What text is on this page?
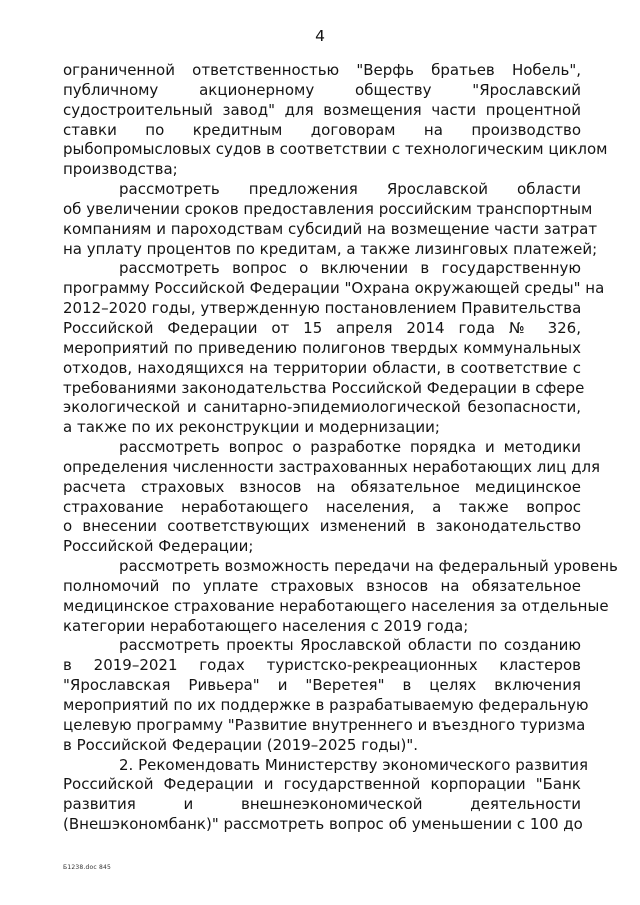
4
ограниченной ответственностью "Верфь братьев Нобель",
публичному акционерному обществу "Ярославский
судостроительный завод" для возмещения части процентной
ставки по кредитным договорам на производство
рыбопромысловых судов в соответствии с технологическим циклом
производства;
рассмотреть предложения Ярославской области
об увеличении сроков предоставления российским транспортным
компаниям и пароходствам субсидий на возмещение части затрат
на уплату процентов по кредитам, а также лизинговых платежей;
рассмотреть вопрос о включении в государственную
программу Российской Федерации "Охрана окружающей среды" на
2012–2020 годы, утвержденную постановлением Правительства
Российской Федерации от 15 апреля 2014 года № 326,
мероприятий по приведению полигонов твердых коммунальных
отходов, находящихся на территории области, в соответствие с
требованиями законодательства Российской Федерации в сфере
экологической и санитарно-эпидемиологической безопасности,
а также по их реконструкции и модернизации;
рассмотреть вопрос о разработке порядка и методики
определения численности застрахованных неработающих лиц для
расчета страховых взносов на обязательное медицинское
страхование неработающего населения, а также вопрос
о внесении соответствующих изменений в законодательство
Российской Федерации;
рассмотреть возможность передачи на федеральный уровень
полномочий по уплате страховых взносов на обязательное
медицинское страхование неработающего населения за отдельные
категории неработающего населения с 2019 года;
рассмотреть проекты Ярославской области по созданию
в 2019–2021 годах туристско-рекреационных кластеров
"Ярославская Ривьера" и "Веретея" в целях включения
мероприятий по их поддержке в разрабатываемую федеральную
целевую программу "Развитие внутреннего и въездного туризма
в Российской Федерации (2019–2025 годы)".
2. Рекомендовать Министерству экономического развития
Российской Федерации и государственной корпорации "Банк
развития и внешнеэкономической деятельности
(Внешэкономбанк)" рассмотреть вопрос об уменьшении с 100 до
Б1238.doc 845
